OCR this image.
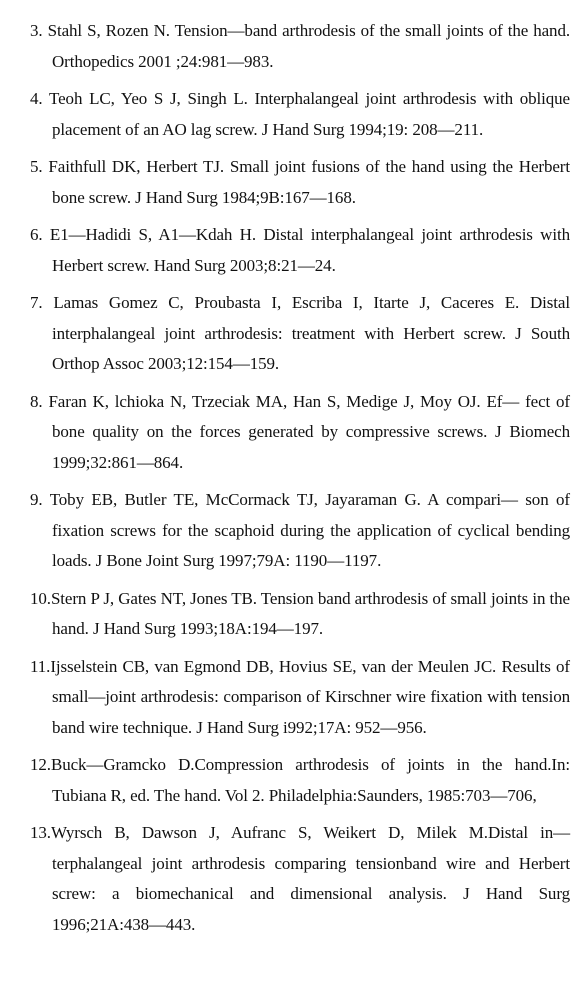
3. Stahl S, Rozen N. Tension—band arthrodesis of the small joints of the hand. Orthopedics 2001 ;24:981—983.
4. Teoh LC, Yeo S J, Singh L. Interphalangeal joint arthrodesis with oblique placement of an AO lag screw. J Hand Surg 1994;19: 208—211.
5. Faithfull DK, Herbert TJ. Small joint fusions of the hand using the Herbert bone screw. J Hand Surg 1984;9B:167—168.
6. E1—Hadidi S, A1—Kdah H. Distal interphalangeal joint arthrodesis with Herbert screw. Hand Surg 2003;8:21—24.
7. Lamas Gomez C, Proubasta I, Escriba I, Itarte J, Caceres E. Distal interphalangeal joint arthrodesis: treatment with Herbert screw. J South Orthop Assoc 2003;12:154—159.
8. Faran K, lchioka N, Trzeciak MA, Han S, Medige J, Moy OJ. Ef— fect of bone quality on the forces generated by compressive screws. J Biomech 1999;32:861—864.
9. Toby EB, Butler TE, McCormack TJ, Jayaraman G. A compari— son of fixation screws for the scaphoid during the application of cyclical bending loads. J Bone Joint Surg 1997;79A: 1190—1197.
10.Stern P J, Gates NT, Jones TB. Tension band arthrodesis of small joints in the hand. J Hand Surg 1993;18A:194—197.
11.Ijsselstein CB, van Egmond DB, Hovius SE, van der Meulen JC. Results of small—joint arthrodesis: comparison of Kirschner wire fixation with tension band wire technique. J Hand Surg i992;17A: 952—956.
12.Buck—Gramcko D.Compression arthrodesis of joints in the hand.In: Tubiana R, ed. The hand. Vol 2. Philadelphia:Saunders, 1985:703—706,
13.Wyrsch B, Dawson J, Aufranc S, Weikert D, Milek M.Distal in— terphalangeal joint arthrodesis comparing tensionband wire and Herbert screw: a biomechanical and dimensional analysis. J Hand Surg 1996;21A:438—443.
